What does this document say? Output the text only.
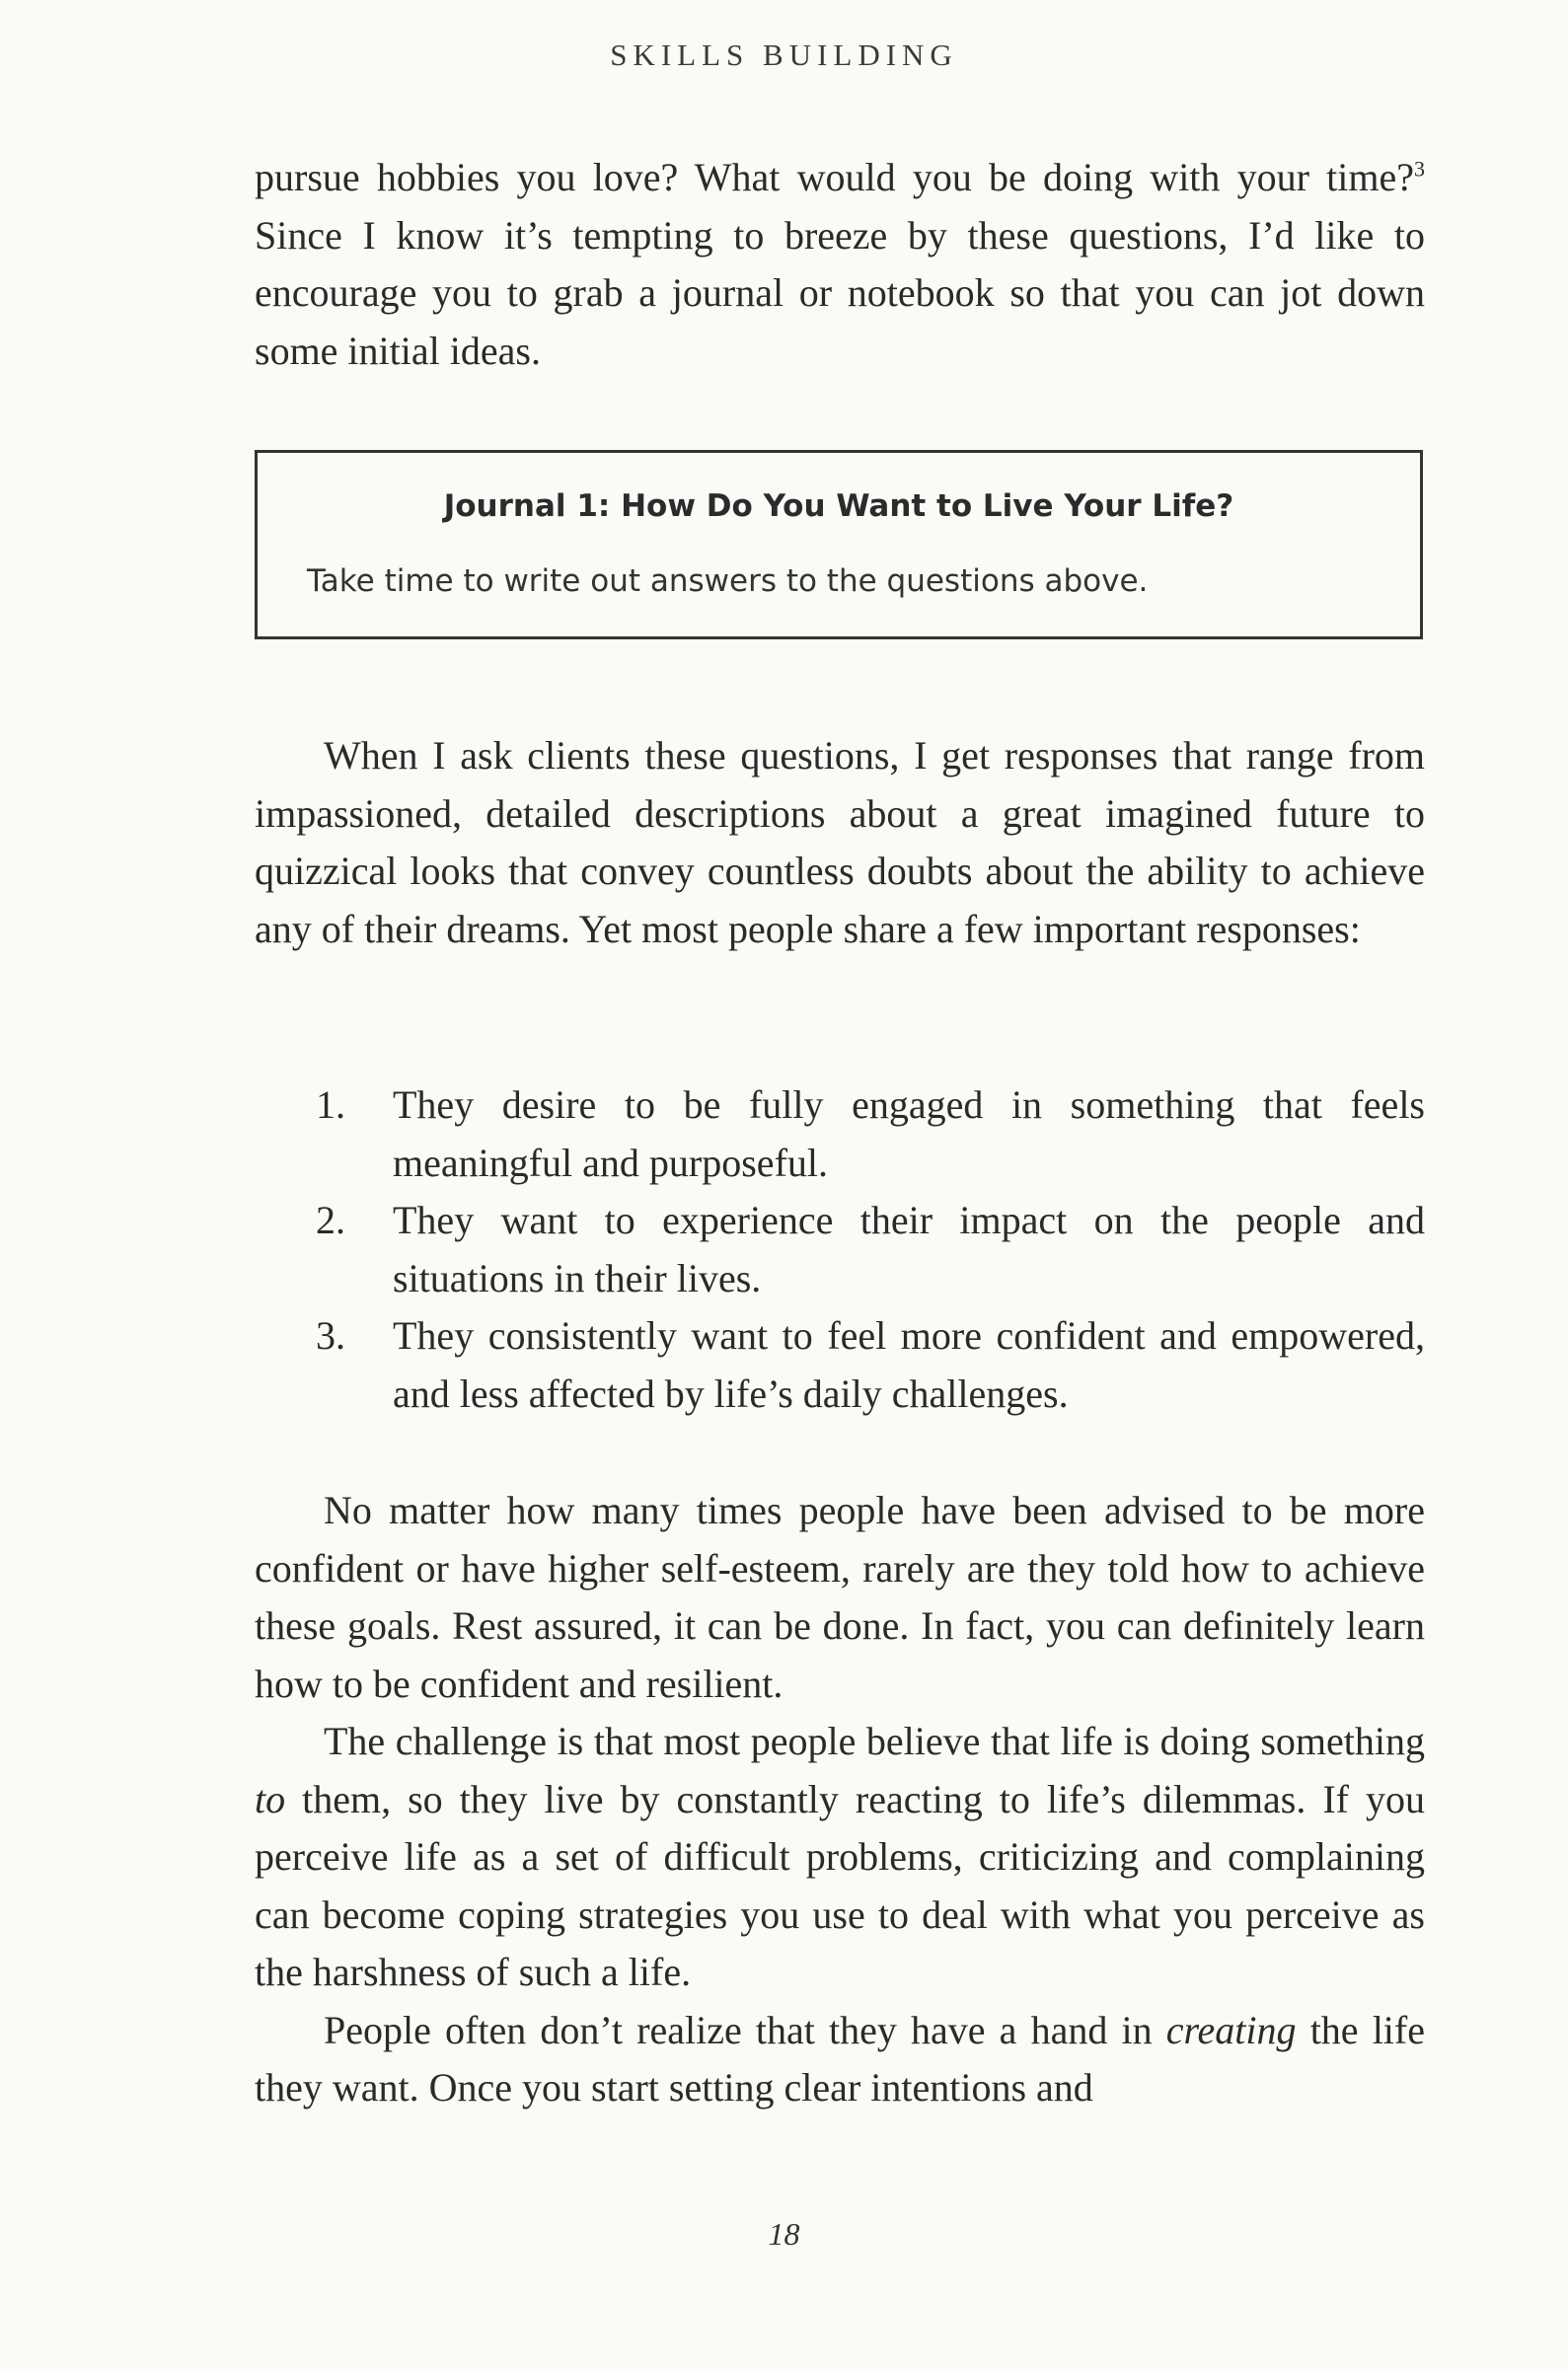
SKILLS BUILDING

pursue hobbies you love? What would you be doing with your time?$^3$ Since I know it’s tempting to breeze by these questions, I’d like to encourage you to grab a journal or notebook so that you can jot down some initial ideas.

Journal 1: How Do You Want to Live Your Life?
Take time to write out answers to the questions above.

When I ask clients these questions, I get responses that range from impassioned, detailed descriptions about a great imagined future to quizzical looks that convey countless doubts about the ability to achieve any of their dreams. Yet most people share a few important responses:

1. They desire to be fully engaged in something that feels meaningful and purposeful.
2. They want to experience their impact on the people and situations in their lives.
3. They consistently want to feel more confident and empowered, and less affected by life’s daily challenges.

No matter how many times people have been advised to be more confident or have higher self-esteem, rarely are they told how to achieve these goals. Rest assured, it can be done. In fact, you can definitely learn how to be confident and resilient.

The challenge is that most people believe that life is doing something to them, so they live by constantly reacting to life’s dilemmas. If you perceive life as a set of difficult problems, criticizing and complaining can become coping strategies you use to deal with what you perceive as the harshness of such a life.

People often don’t realize that they have a hand in creating the life they want. Once you start setting clear intentions and

18
